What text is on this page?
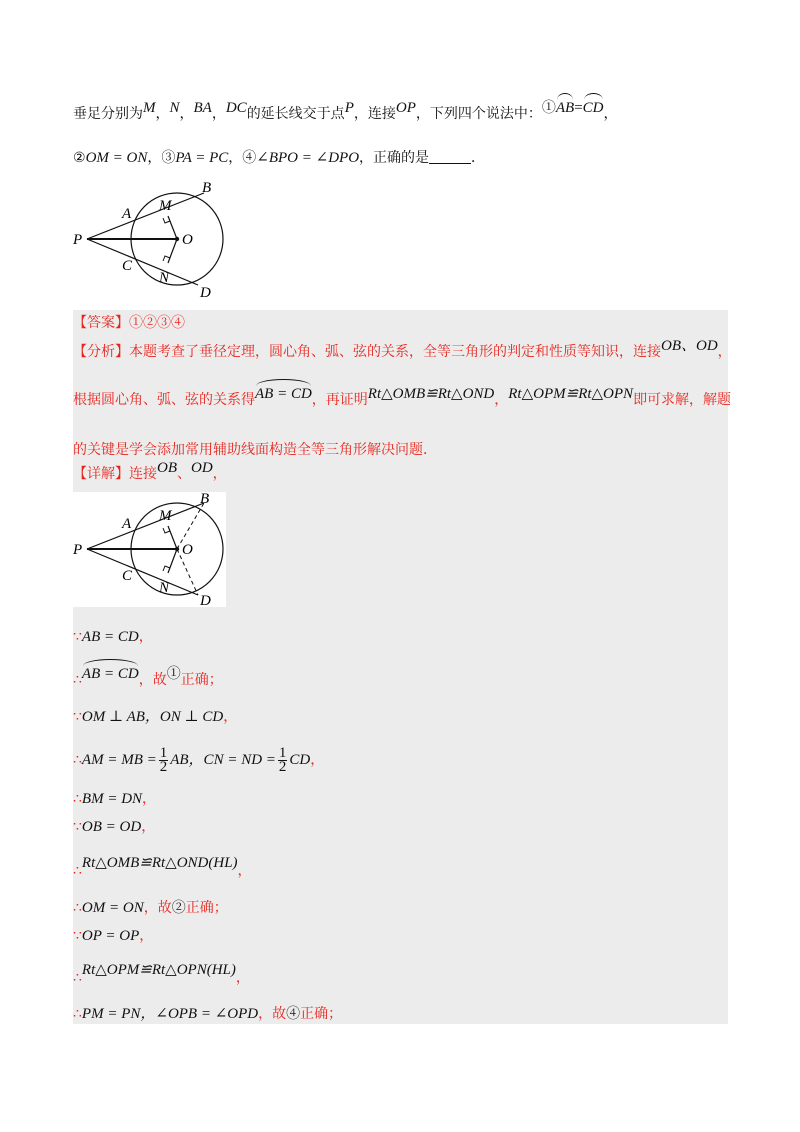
垂足分别为M，N，BA，DC的延长线交于点P，连接OP，下列四个说法中：①AB=CD，
②OM = ON，③PA = PC，④∠BPO = ∠DPO，正确的是	．
P
A
B
M
O
C
N
D
【答案】①②③④
【分析】本题考查了垂径定理，圆心角、弧、弦的关系，全等三角形的判定和性质等知识，连接OB、OD，
根据圆心角、弧、弦的关系得AB = CD，再证明Rt△OMB≌Rt△OND，Rt△OPM≌Rt△OPN即可求解，解题
的关键是学会添加常用辅助线面构造全等三角形解决问题．
【详解】连接OB、OD，
P
A
B
M
O
C
N
D
∵AB = CD，
∴AB = CD，故①正确；
∵OM ⊥ AB，ON ⊥ CD，
∴AM = MB = $\frac{1}{2}$ AB，CN = ND = $\frac{1}{2}$ CD，
∴BM = DN，
∵OB = OD，
∴Rt△OMB≌Rt△OND(HL)，
∴OM = ON，故②正确；
∵OP = OP，
∴Rt△OPM≌Rt△OPN(HL)，
∴PM = PN，∠OPB = ∠OPD，故④正确；
